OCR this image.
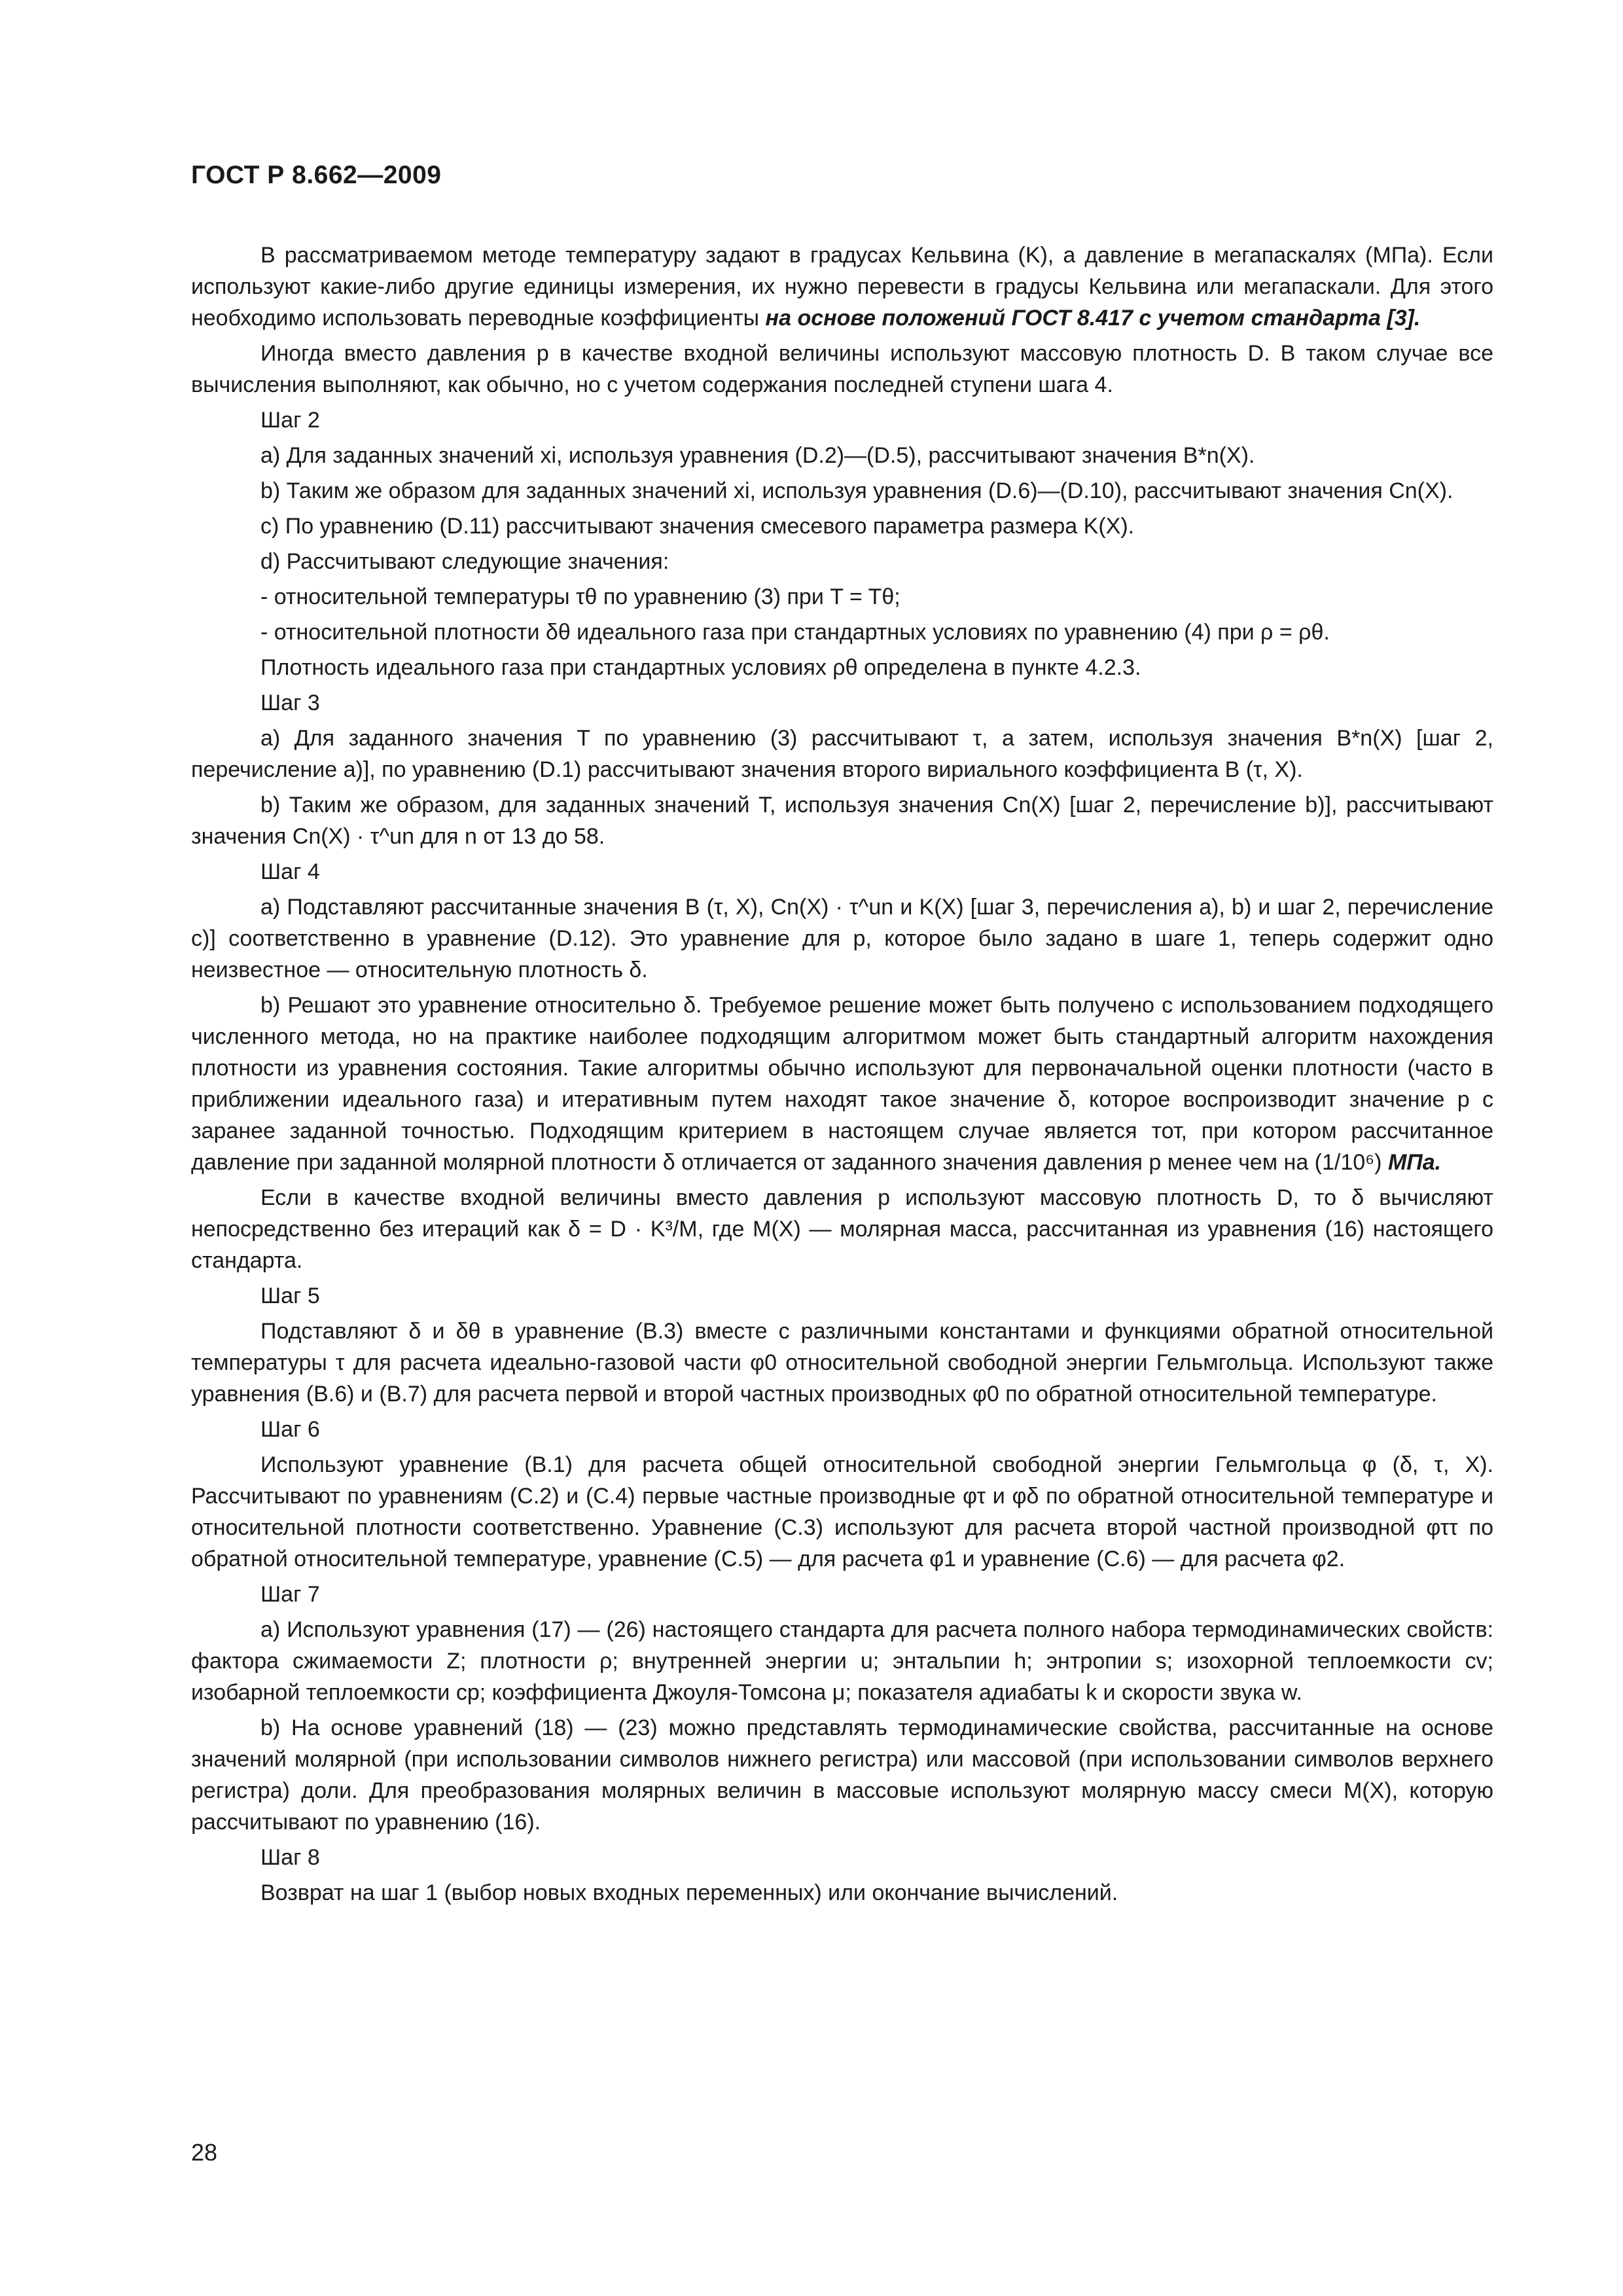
ГОСТ Р 8.662—2009

В рассматриваемом методе температуру задают в градусах Кельвина (K), а давление в мегапаскалях (МПа). Если используют какие-либо другие единицы измерения, их нужно перевести в градусы Кельвина или мегапаскали. Для этого необходимо использовать переводные коэффициенты на основе положений ГОСТ 8.417 с учетом стандарта [3].

Иногда вместо давления p в качестве входной величины используют массовую плотность D. В таком случае все вычисления выполняют, как обычно, но с учетом содержания последней ступени шага 4.

Шаг 2

a) Для заданных значений xi, используя уравнения (D.2)—(D.5), рассчитывают значения B*n(X).

b) Таким же образом для заданных значений xi, используя уравнения (D.6)—(D.10), рассчитывают значения Cn(X).

c) По уравнению (D.11) рассчитывают значения смесевого параметра размера K(X).

d) Рассчитывают следующие значения:

- относительной температуры τθ по уравнению (3) при T = Tθ;

- относительной плотности δθ идеального газа при стандартных условиях по уравнению (4) при ρ = ρθ.

Плотность идеального газа при стандартных условиях ρθ определена в пункте 4.2.3.

Шаг 3

a) Для заданного значения T по уравнению (3) рассчитывают τ, а затем, используя значения B*n(X) [шаг 2, перечисление a)], по уравнению (D.1) рассчитывают значения второго вириального коэффициента B (τ, X).

b) Таким же образом, для заданных значений T, используя значения Cn(X) [шаг 2, перечисление b)], рассчитывают значения Cn(X) · τ^un для n от 13 до 58.

Шаг 4

a) Подставляют рассчитанные значения B (τ, X), Cn(X) · τ^un и K(X) [шаг 3, перечисления a), b) и шаг 2, перечисление c)] соответственно в уравнение (D.12). Это уравнение для p, которое было задано в шаге 1, теперь содержит одно неизвестное — относительную плотность δ.

b) Решают это уравнение относительно δ. Требуемое решение может быть получено с использованием подходящего численного метода, но на практике наиболее подходящим алгоритмом может быть стандартный алгоритм нахождения плотности из уравнения состояния. Такие алгоритмы обычно используют для первоначальной оценки плотности (часто в приближении идеального газа) и итеративным путем находят такое значение δ, которое воспроизводит значение p с заранее заданной точностью. Подходящим критерием в настоящем случае является тот, при котором рассчитанное давление при заданной молярной плотности δ отличается от заданного значения давления p менее чем на (1/10⁶) МПа.

Если в качестве входной величины вместо давления p используют массовую плотность D, то δ вычисляют непосредственно без итераций как δ = D · K³/M, где M(X) — молярная масса, рассчитанная из уравнения (16) настоящего стандарта.

Шаг 5

Подставляют δ и δθ в уравнение (B.3) вместе с различными константами и функциями обратной относительной температуры τ для расчета идеально-газовой части φ0 относительной свободной энергии Гельмгольца. Используют также уравнения (B.6) и (B.7) для расчета первой и второй частных производных φ0 по обратной относительной температуре.

Шаг 6

Используют уравнение (B.1) для расчета общей относительной свободной энергии Гельмгольца φ (δ, τ, X). Рассчитывают по уравнениям (C.2) и (C.4) первые частные производные φτ и φδ по обратной относительной температуре и относительной плотности соответственно. Уравнение (C.3) используют для расчета второй частной производной φττ по обратной относительной температуре, уравнение (C.5) — для расчета φ1 и уравнение (C.6) — для расчета φ2.

Шаг 7

a) Используют уравнения (17) — (26) настоящего стандарта для расчета полного набора термодинамических свойств: фактора сжимаемости Z; плотности ρ; внутренней энергии u; энтальпии h; энтропии s; изохорной теплоемкости cv; изобарной теплоемкости cp; коэффициента Джоуля-Томсона μ; показателя адиабаты k и скорости звука w.

b) На основе уравнений (18) — (23) можно представлять термодинамические свойства, рассчитанные на основе значений молярной (при использовании символов нижнего регистра) или массовой (при использовании символов верхнего регистра) доли. Для преобразования молярных величин в массовые используют молярную массу смеси M(X), которую рассчитывают по уравнению (16).

Шаг 8

Возврат на шаг 1 (выбор новых входных переменных) или окончание вычислений.

28
